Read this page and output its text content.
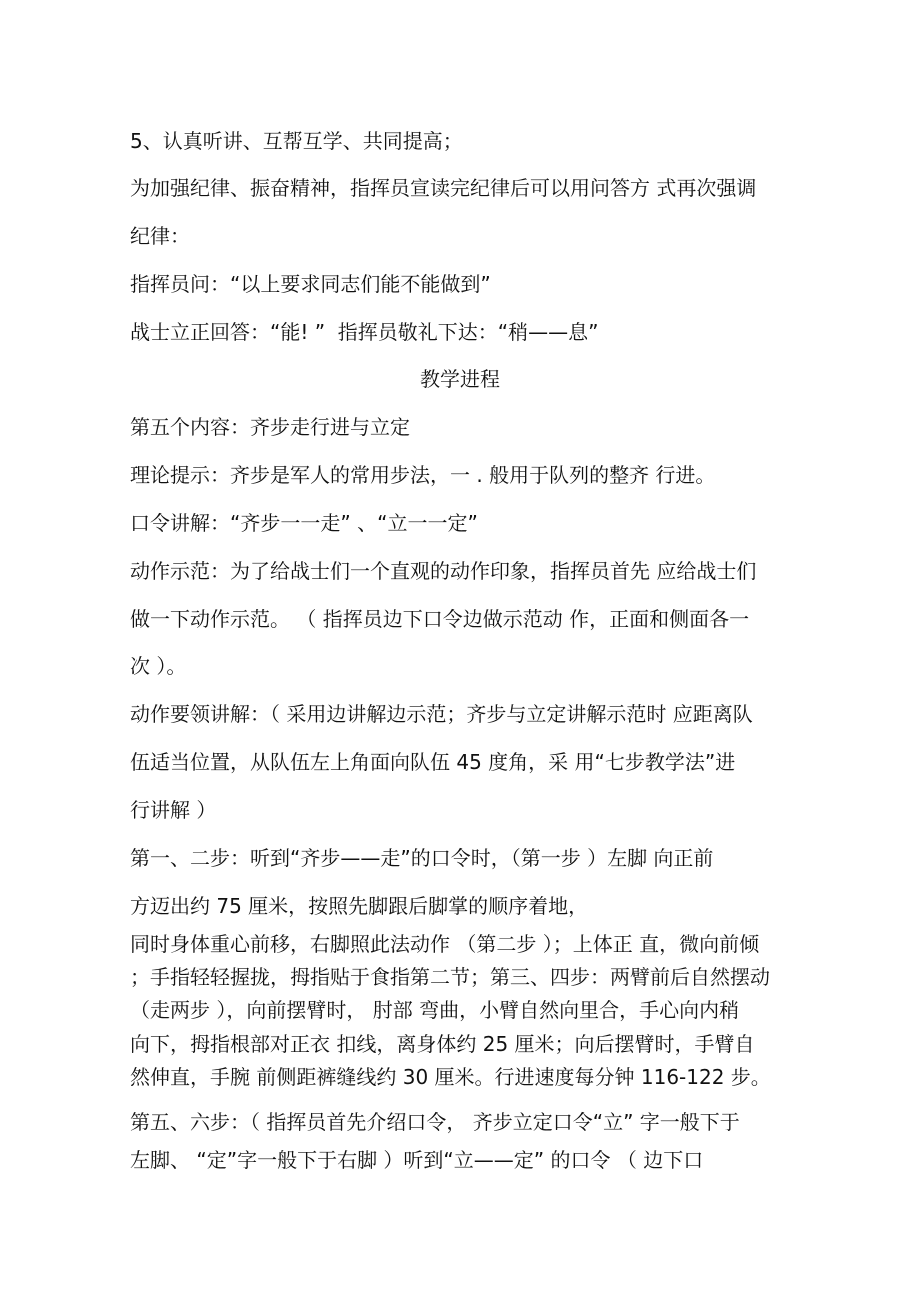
5、认真听讲、互帮互学、共同提高；
为加强纪律、振奋精神，指挥员宣读完纪律后可以用问答方 式再次强调
纪律：
指挥员问：“以上要求同志们能不能做到”
战士立正回答：“能! ”  指挥员敬礼下达：“稍——息”
教学进程
第五个内容：齐步走行进与立定
理论提示：齐步是军人的常用步法，一 . 般用于队列的整齐 行进。
口令讲解：“齐步一一走” 、“立一一定”
动作示范：为了给战士们一个直观的动作印象，指挥员首先 应给战士们
做一下动作示范。 （ 指挥员边下口令边做示范动 作，正面和侧面各一
次 ）。
动作要领讲解：（ 采用边讲解边示范；齐步与立定讲解示范时 应距离队
伍适当位置，从队伍左上角面向队伍 45 度角，采 用“七步教学法”进
行讲解 ）
第一、二步：听到“齐步——走”的口令时，（第一步 ）左脚 向正前
方迈出约 75 厘米，按照先脚跟后脚掌的顺序着地，
同时身体重心前移，右脚照此法动作 （第二步 ）；上体正 直，微向前倾
；手指轻轻握拢，拇指贴于食指第二节；第三、四步：两臂前后自然摆动
（走两步 ），向前摆臂时， 肘部 弯曲，小臂自然向里合，手心向内稍
向下，拇指根部对正衣 扣线，离身体约 25 厘米；向后摆臂时，手臂自
然伸直，手腕 前侧距裤缝线约 30 厘米。行进速度每分钟 116-122 步。
第五、六步：（ 指挥员首先介绍口令， 齐步立定口令“立” 字一般下于
左脚、 “定”字一般下于右脚 ）听到“立——定” 的口令 （ 边下口
